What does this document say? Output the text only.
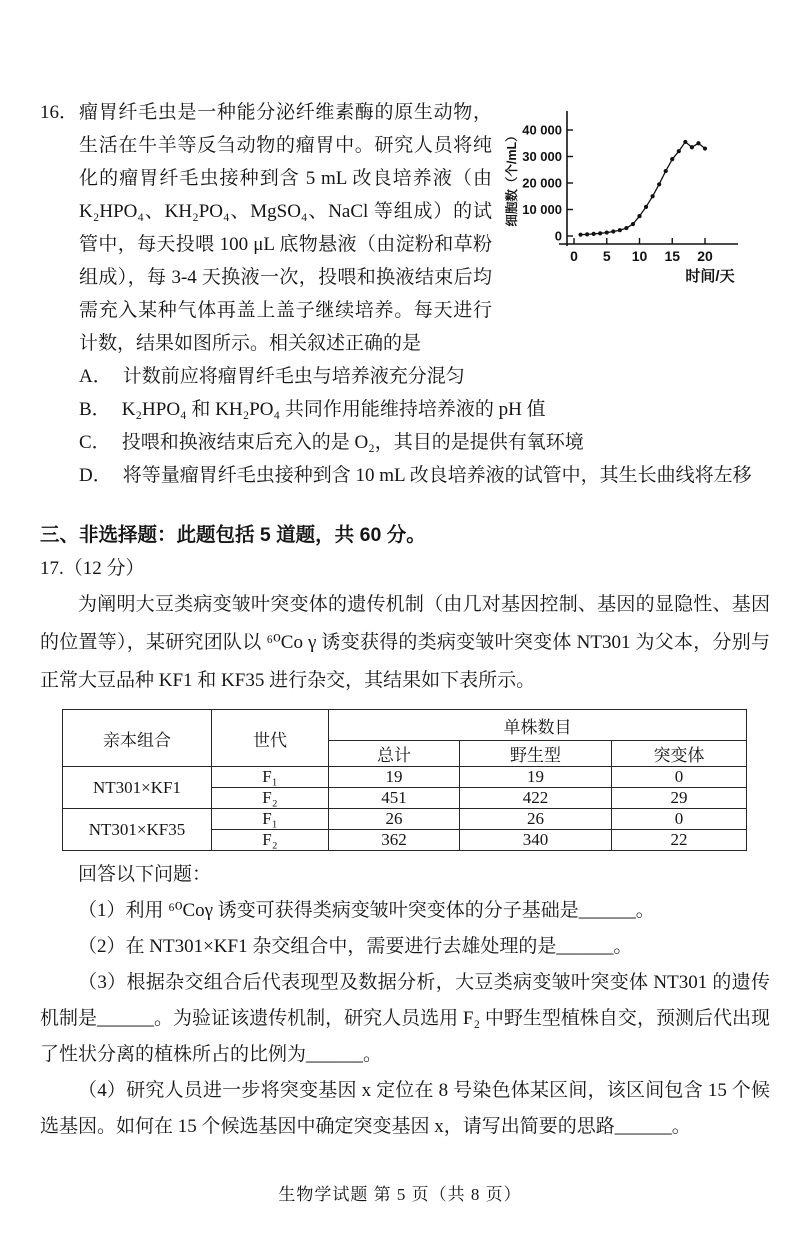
0
10 000
20 000
30 000
40 000
0 5 10 15 20
细胞数（个/mL）
时间/天

16． 瘤胃纤毛虫是一种能分泌纤维素酶的原生动物，生活在牛羊等反刍动物的瘤胃中。研究人员将纯化的瘤胃纤毛虫接种到含 5 mL 改良培养液（由 K₂HPO₄、KH₂PO₄、MgSO₄、NaCl 等组成）的试管中，每天投喂 100 μL 底物悬液（由淀粉和草粉组成），每 3-4 天换液一次，投喂和换液结束后均需充入某种气体再盖上盖子继续培养。每天进行计数，结果如图所示。相关叙述正确的是

A． 计数前应将瘤胃纤毛虫与培养液充分混匀
B． K₂HPO₄ 和 KH₂PO₄ 共同作用能维持培养液的 pH 值
C． 投喂和换液结束后充入的是 O₂，其目的是提供有氧环境
D． 将等量瘤胃纤毛虫接种到含 10 mL 改良培养液的试管中，其生长曲线将左移

三、非选择题：此题包括 5 道题，共 60 分。

17.（12 分）

为阐明大豆类病变皱叶突变体的遗传机制（由几对基因控制、基因的显隐性、基因的位置等），某研究团队以 ⁶⁰Co γ 诱变获得的类病变皱叶突变体 NT301 为父本，分别与正常大豆品种 KF1 和 KF35 进行杂交，其结果如下表所示。

亲本组合	世代	单株数目		
		总计	野生型	突变体
NT301×KF1	F₁	19	19	0
	F₂	451	422	29
NT301×KF35	F₁	26	26	0
	F₂	362	340	22

回答以下问题：

（1）利用 ⁶⁰Coγ 诱变可获得类病变皱叶突变体的分子基础是______。

（2）在 NT301×KF1 杂交组合中，需要进行去雄处理的是______。

（3）根据杂交组合后代表现型及数据分析，大豆类病变皱叶突变体 NT301 的遗传机制是______。为验证该遗传机制，研究人员选用 F₂ 中野生型植株自交，预测后代出现了性状分离的植株所占的比例为______。

（4）研究人员进一步将突变基因 x 定位在 8 号染色体某区间，该区间包含 15 个候选基因。如何在 15 个候选基因中确定突变基因 x，请写出简要的思路______。

生物学试题 第 5 页（共 8 页）
